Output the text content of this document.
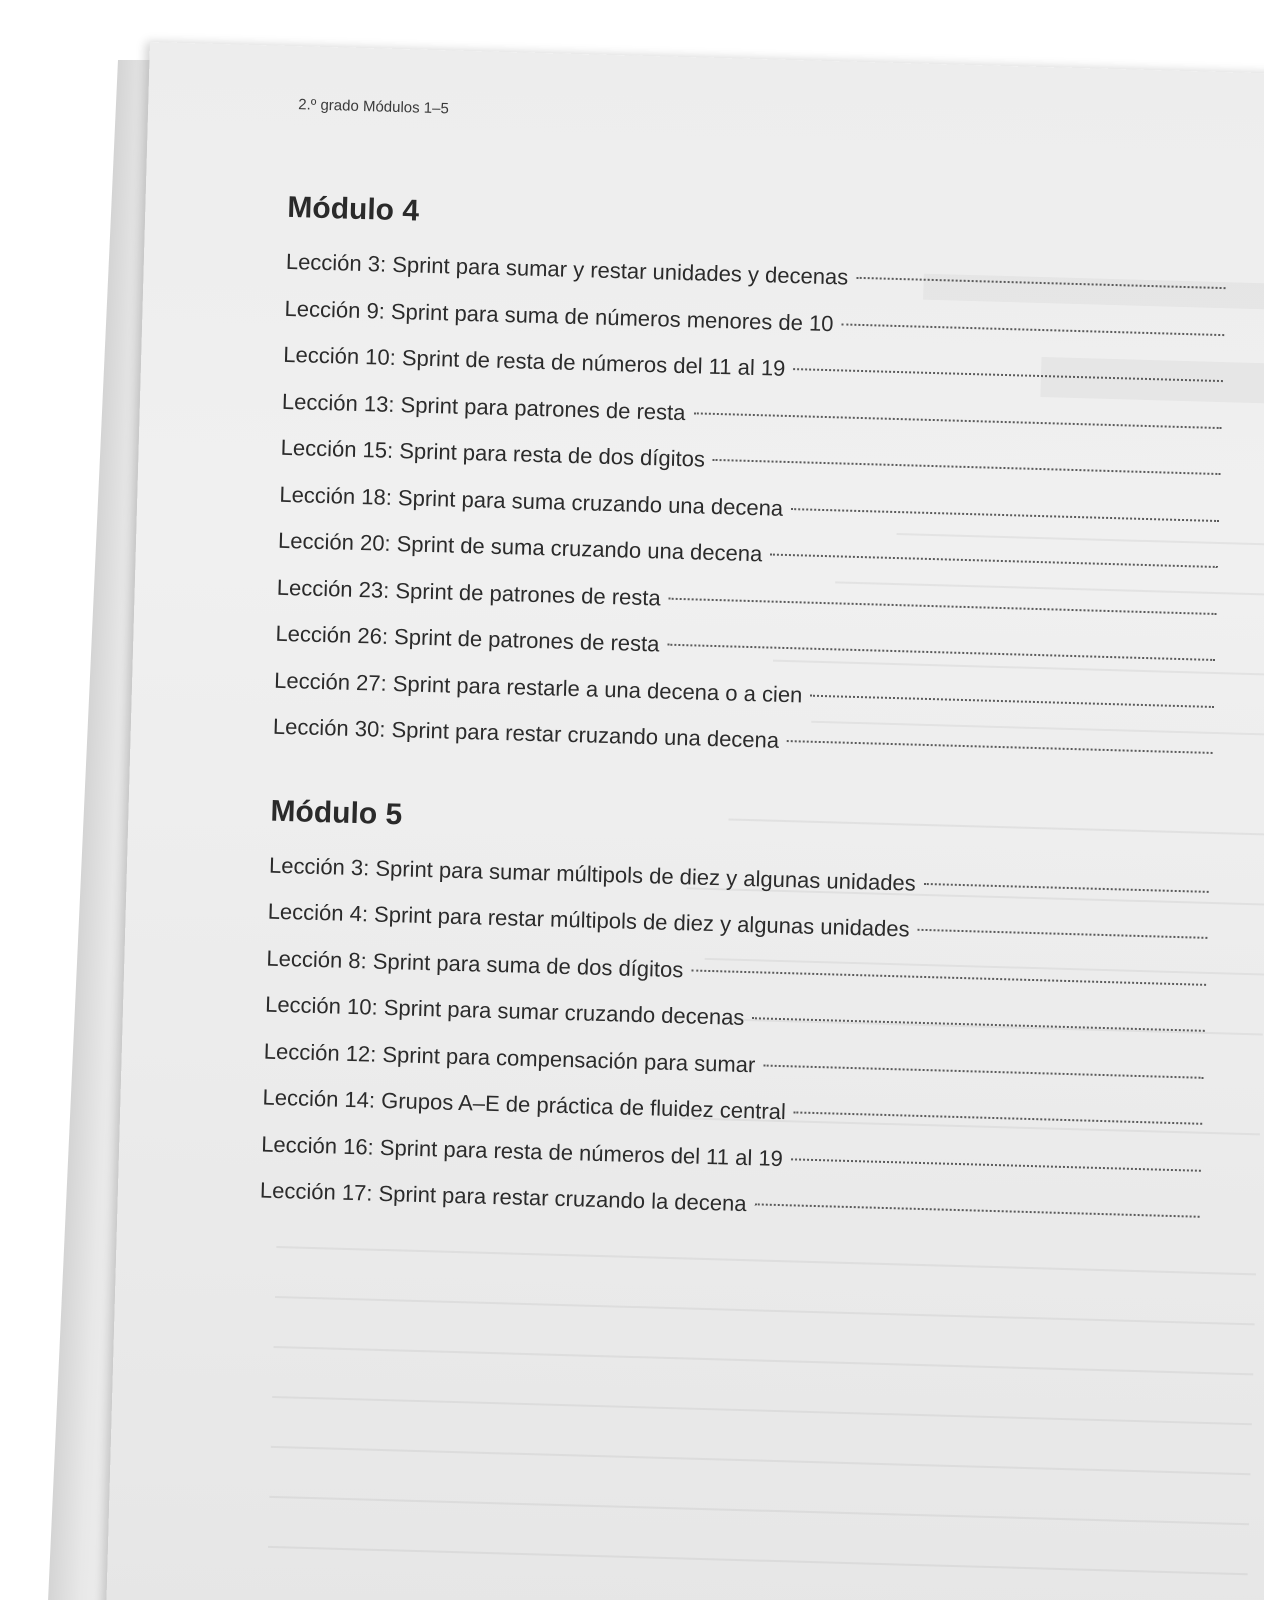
2.º grado Módulos 1–5
Módulo 4
Lección 3: Sprint para sumar y restar unidades y decenas
Lección 9: Sprint para suma de números menores de 10
Lección 10: Sprint de resta de números del 11 al 19
Lección 13: Sprint para patrones de resta
Lección 15: Sprint para resta de dos dígitos
Lección 18: Sprint para suma cruzando una decena
Lección 20: Sprint de suma cruzando una decena
Lección 23: Sprint de patrones de resta
Lección 26: Sprint de patrones de resta
Lección 27: Sprint para restarle a una decena o a cien
Lección 30: Sprint para restar cruzando una decena
Módulo 5
Lección 3: Sprint para sumar múltipols de diez y algunas unidades
Lección 4: Sprint para restar múltipols de diez y algunas unidades
Lección 8: Sprint para suma de dos dígitos
Lección 10: Sprint para sumar cruzando decenas
Lección 12: Sprint para compensación para sumar
Lección 14: Grupos A–E de práctica de fluidez central
Lección 16: Sprint para resta de números del 11 al 19
Lección 17: Sprint para restar cruzando la decena
